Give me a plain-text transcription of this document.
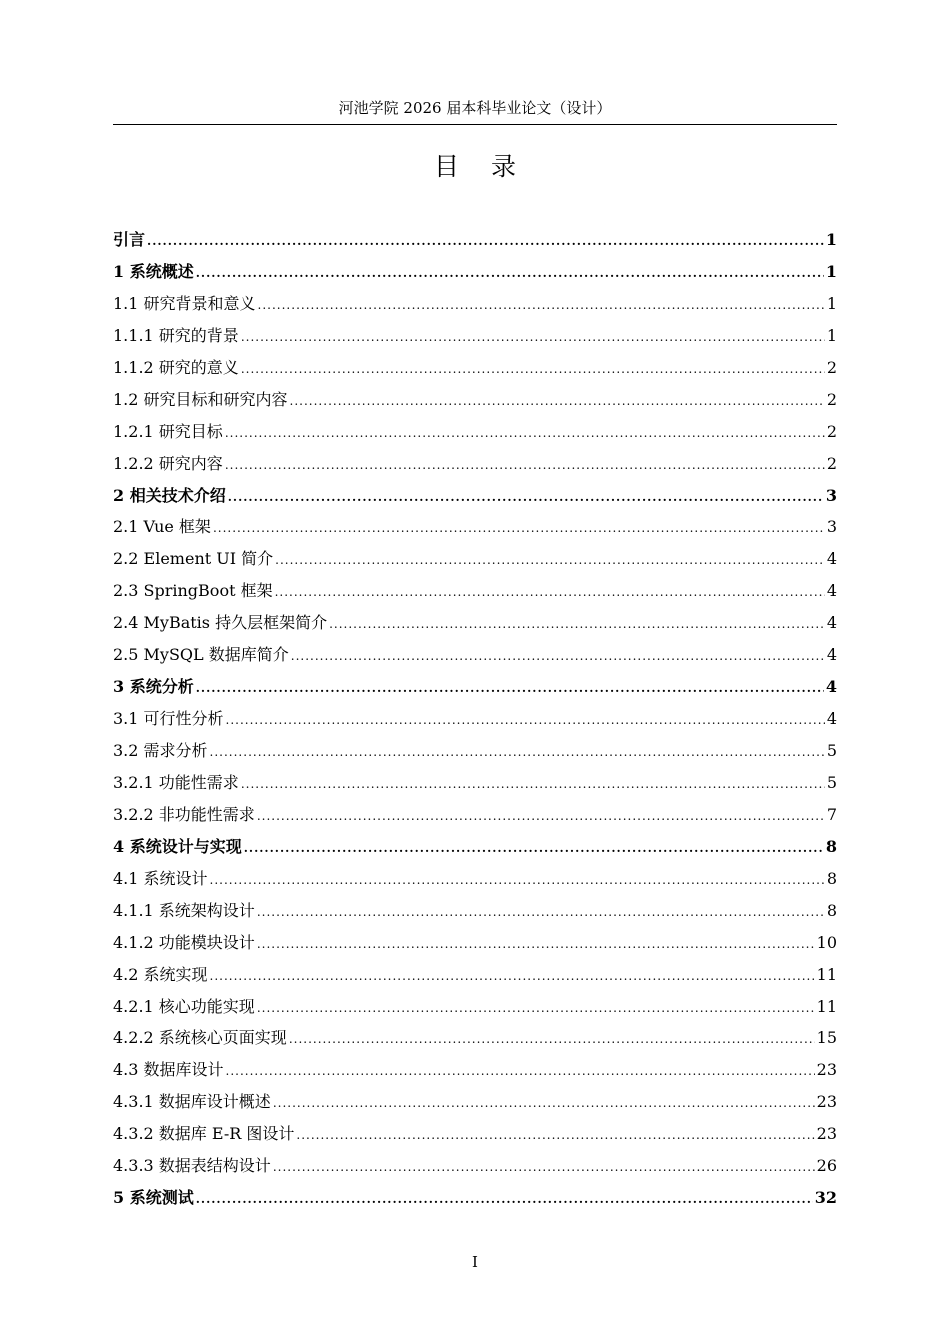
河池学院 2026 届本科毕业论文（设计）
目录
引言 .....	1
1 系统概述 .....	1
1.1 研究背景和意义 .....	1
1.1.1 研究的背景 .....	1
1.1.2 研究的意义 .....	2
1.2 研究目标和研究内容 .....	2
1.2.1 研究目标 .....	2
1.2.2 研究内容 .....	2
2 相关技术介绍 .....	3
2.1 Vue 框架 .....	3
2.2 Element UI 简介 .....	4
2.3 SpringBoot 框架 .....	4
2.4 MyBatis 持久层框架简介 .....	4
2.5 MySQL 数据库简介 .....	4
3 系统分析 .....	4
3.1 可行性分析 .....	4
3.2 需求分析 .....	5
3.2.1 功能性需求 .....	5
3.2.2 非功能性需求 .....	7
4 系统设计与实现 .....	8
4.1 系统设计 .....	8
4.1.1 系统架构设计 .....	8
4.1.2 功能模块设计 .....	10
4.2 系统实现 .....	11
4.2.1 核心功能实现 .....	11
4.2.2 系统核心页面实现 .....	15
4.3 数据库设计 .....	23
4.3.1 数据库设计概述 .....	23
4.3.2 数据库 E-R 图设计 .....	23
4.3.3 数据表结构设计 .....	26
5 系统测试 .....	32
I
